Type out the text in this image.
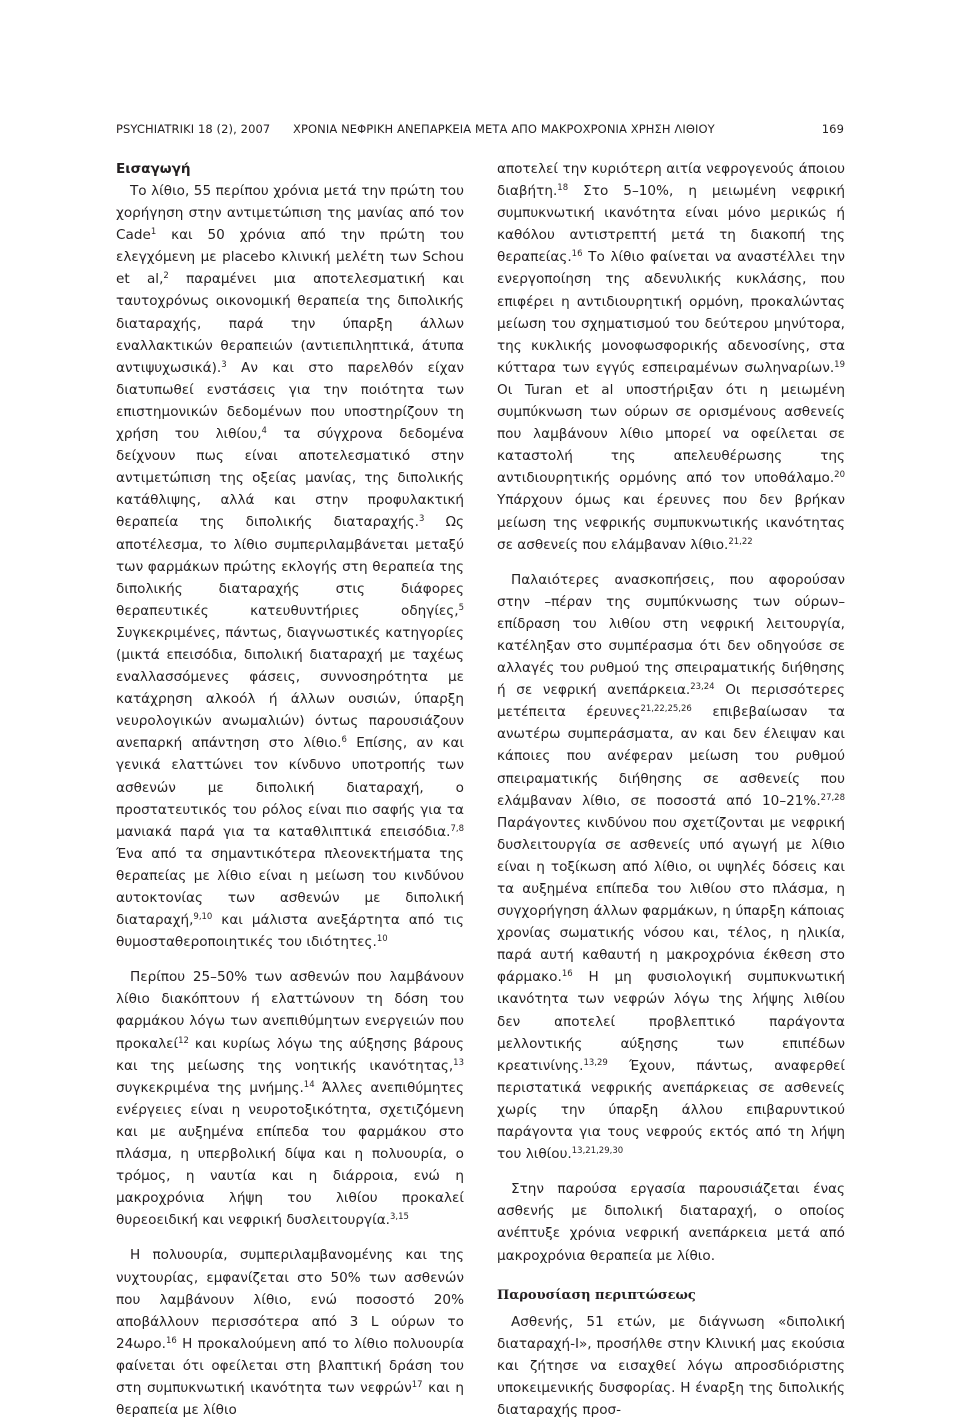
PSYCHIATRIKI 18 (2), 2007 ΧΡΟΝΙΑ ΝΕΦΡΙΚΗ ΑΝΕΠΑΡΚΕΙΑ ΜΕΤΑ ΑΠΟ ΜΑΚΡΟΧΡΟΝΙΑ ΧΡΗΣΗ ΛΙΘΙΟΥ	169
Εισαγωγή

Το λίθιο, 55 περίπου χρόνια μετά την πρώτη του χορήγηση στην αντιμετώπιση της μανίας από τον Cade$^1$ και 50 χρόνια από την πρώτη του ελεγχόμενη με placebo κλινική μελέτη των Schou et al,$^2$ παραμένει μια αποτελεσματική και ταυτοχρόνως οικονομική θεραπεία της διπολικής διαταραχής, παρά την ύπαρξη άλλων εναλλακτικών θεραπειών (αντιεπιληπτικά, άτυπα αντιψυχωσικά).$^3$ Αν και στο παρελθόν είχαν διατυπωθεί ενστάσεις για την ποιότητα των επιστημονικών δεδομένων που υποστηρίζουν τη χρήση του λιθίου,$^4$ τα σύγχρονα δεδομένα δείχνουν πως είναι αποτελεσματικό στην αντιμετώπιση της οξείας μανίας, της διπολικής κατάθλιψης, αλλά και στην προφυλακτική θεραπεία της διπολικής διαταραχής.$^3$ Ως αποτέλεσμα, το λίθιο συμπεριλαμβάνεται μεταξύ των φαρμάκων πρώτης εκλογής στη θεραπεία της διπολικής διαταραχής στις διάφορες θεραπευτικές κατευθυντήριες οδηγίες,$^5$ Συγκεκριμένες, πάντως, διαγνωστικές κατηγορίες (μικτά επεισόδια, διπολική διαταραχή με ταχέως εναλλασσόμενες φάσεις, συννοσηρότητα με κατάχρηση αλκοόλ ή άλλων ουσιών, ύπαρξη νευρολογικών ανωμαλιών) όντως παρουσιάζουν ανεπαρκή απάντηση στο λίθιο.$^6$ Επίσης, αν και γενικά ελαττώνει τον κίνδυνο υποτροπής των ασθενών με διπολική διαταραχή, ο προστατευτικός του ρόλος είναι πιο σαφής για τα μανιακά παρά για τα καταθλιπτικά επεισόδια.$^{7,8}$ Ένα από τα σημαντικότερα πλεονεκτήματα της θεραπείας με λίθιο είναι η μείωση του κινδύνου αυτοκτονίας των ασθενών με διπολική διαταραχή,$^{9,10}$ και μάλιστα ανεξάρτητα από τις θυμοσταθεροποιητικές του ιδιότητες.$^{10}$

Περίπου 25–50% των ασθενών που λαμβάνουν λίθιο διακόπτουν ή ελαττώνουν τη δόση του φαρμάκου λόγω των ανεπιθύμητων ενεργειών που προκαλεί$^{12}$ και κυρίως λόγω της αύξησης βάρους και της μείωσης της νοητικής ικανότητας,$^{13}$ συγκεκριμένα της μνήμης.$^{14}$ Άλλες ανεπιθύμητες ενέργειες είναι η νευροτοξικότητα, σχετιζόμενη και με αυξημένα επίπεδα του φαρμάκου στο πλάσμα, η υπερβολική δίψα και η πολυουρία, ο τρόμος, η ναυτία και η διάρροια, ενώ η μακροχρόνια λήψη του λιθίου προκαλεί θυρεοειδική και νεφρική δυσλειτουργία.$^{3,15}$

Η πολυουρία, συμπεριλαμβανομένης και της νυχτουρίας, εμφανίζεται στο 50% των ασθενών που λαμβάνουν λίθιο, ενώ ποσοστό 20% αποβάλλουν περισσότερα από 3 L ούρων το 24ωρο.$^{16}$ Η προκαλούμενη από το λίθιο πολυουρία φαίνεται ότι οφείλεται στη βλαπτική δράση του στη συμπυκνωτική ικανότητα των νεφρών$^{17}$ και η θεραπεία με λίθιο

αποτελεί την κυριότερη αιτία νεφρογενούς άποιου διαβήτη.$^{18}$ Στο 5–10%, η μειωμένη νεφρική συμπυκνωτική ικανότητα είναι μόνο μερικώς ή καθόλου αντιστρεπτή μετά τη διακοπή της θεραπείας.$^{16}$ Το λίθιο φαίνεται να αναστέλλει την ενεργοποίηση της αδενυλικής κυκλάσης, που επιφέρει η αντιδιουρητική ορμόνη, προκαλώντας μείωση του σχηματισμού του δεύτερου μηνύτορα, της κυκλικής μονοφωσφορικής αδενοσίνης, στα κύτταρα των εγγύς εσπειραμένων σωληναρίων.$^{19}$ Οι Turan et al υποστήριξαν ότι η μειωμένη συμπύκνωση των ούρων σε ορισμένους ασθενείς που λαμβάνουν λίθιο μπορεί να οφείλεται σε καταστολή της απελευθέρωσης της αντιδιουρητικής ορμόνης από τον υποθάλαμο.$^{20}$ Υπάρχουν όμως και έρευνες που δεν βρήκαν μείωση της νεφρικής συμπυκνωτικής ικανότητας σε ασθενείς που ελάμβαναν λίθιο.$^{21,22}$

Παλαιότερες ανασκοπήσεις, που αφορούσαν στην –πέραν της συμπύκνωσης των ούρων– επίδραση του λιθίου στη νεφρική λειτουργία, κατέληξαν στο συμπέρασμα ότι δεν οδηγούσε σε αλλαγές του ρυθμού της σπειραματικής διήθησης ή σε νεφρική ανεπάρκεια.$^{23,24}$ Οι περισσότερες μετέπειτα έρευνες$^{21,22,25,26}$ επιβεβαίωσαν τα ανωτέρω συμπεράσματα, αν και δεν έλειψαν και κάποιες που ανέφεραν μείωση του ρυθμού σπειραματικής διήθησης σε ασθενείς που ελάμβαναν λίθιο, σε ποσοστά από 10–21%.$^{27,28}$ Παράγοντες κινδύνου που σχετίζονται με νεφρική δυσλειτουργία σε ασθενείς υπό αγωγή με λίθιο είναι η τοξίκωση από λίθιο, οι υψηλές δόσεις και τα αυξημένα επίπεδα του λιθίου στο πλάσμα, η συγχορήγηση άλλων φαρμάκων, η ύπαρξη κάποιας χρονίας σωματικής νόσου και, τέλος, η ηλικία, παρά αυτή καθαυτή η μακροχρόνια έκθεση στο φάρμακο.$^{16}$ Η μη φυσιολογική συμπυκνωτική ικανότητα των νεφρών λόγω της λήψης λιθίου δεν αποτελεί προβλεπτικό παράγοντα μελλοντικής αύξησης των επιπέδων κρεατινίνης.$^{13,29}$ Έχουν, πάντως, αναφερθεί περιστατικά νεφρικής ανεπάρκειας σε ασθενείς χωρίς την ύπαρξη άλλου επιβαρυντικού παράγοντα για τους νεφρούς εκτός από τη λήψη του λιθίου.$^{13,21,29,30}$

Στην παρούσα εργασία παρουσιάζεται ένας ασθενής με διπολική διαταραχή, ο οποίος ανέπτυξε χρόνια νεφρική ανεπάρκεια μετά από μακροχρόνια θεραπεία με λίθιο.

Παρουσίαση περιπτώσεως

Ασθενής, 51 ετών, με διάγνωση «διπολική διαταραχή-Ι», προσήλθε στην Κλινική μας εκούσια και ζήτησε να εισαχθεί λόγω απροσδιόριστης υποκειμενικής δυσφορίας. Η έναρξη της διπολικής διαταραχής προσ-
